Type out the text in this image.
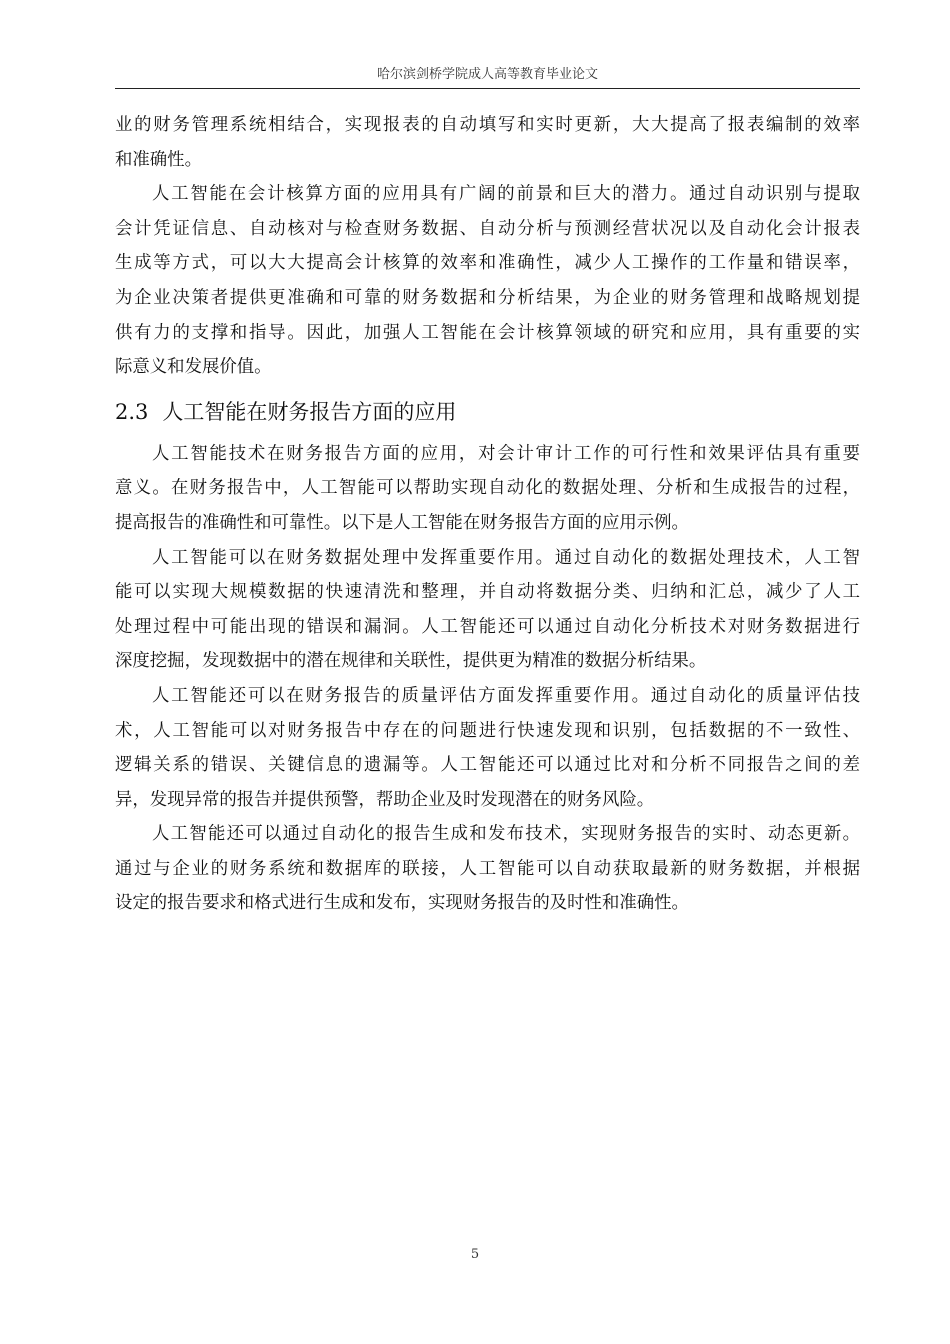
哈尔滨剑桥学院成人高等教育毕业论文
业的财务管理系统相结合，实现报表的自动填写和实时更新，大大提高了报表编制的效率
和准确性。
人工智能在会计核算方面的应用具有广阔的前景和巨大的潜力。通过自动识别与提取
会计凭证信息、自动核对与检查财务数据、自动分析与预测经营状况以及自动化会计报表
生成等方式，可以大大提高会计核算的效率和准确性，减少人工操作的工作量和错误率，
为企业决策者提供更准确和可靠的财务数据和分析结果，为企业的财务管理和战略规划提
供有力的支撑和指导。因此，加强人工智能在会计核算领域的研究和应用，具有重要的实
际意义和发展价值。
2.3 人工智能在财务报告方面的应用
人工智能技术在财务报告方面的应用，对会计审计工作的可行性和效果评估具有重要
意义。在财务报告中，人工智能可以帮助实现自动化的数据处理、分析和生成报告的过程，
提高报告的准确性和可靠性。以下是人工智能在财务报告方面的应用示例。
人工智能可以在财务数据处理中发挥重要作用。通过自动化的数据处理技术，人工智
能可以实现大规模数据的快速清洗和整理，并自动将数据分类、归纳和汇总，减少了人工
处理过程中可能出现的错误和漏洞。人工智能还可以通过自动化分析技术对财务数据进行
深度挖掘，发现数据中的潜在规律和关联性，提供更为精准的数据分析结果。
人工智能还可以在财务报告的质量评估方面发挥重要作用。通过自动化的质量评估技
术，人工智能可以对财务报告中存在的问题进行快速发现和识别，包括数据的不一致性、
逻辑关系的错误、关键信息的遗漏等。人工智能还可以通过比对和分析不同报告之间的差
异，发现异常的报告并提供预警，帮助企业及时发现潜在的财务风险。
人工智能还可以通过自动化的报告生成和发布技术，实现财务报告的实时、动态更新。
通过与企业的财务系统和数据库的联接，人工智能可以自动获取最新的财务数据，并根据
设定的报告要求和格式进行生成和发布，实现财务报告的及时性和准确性。
5
